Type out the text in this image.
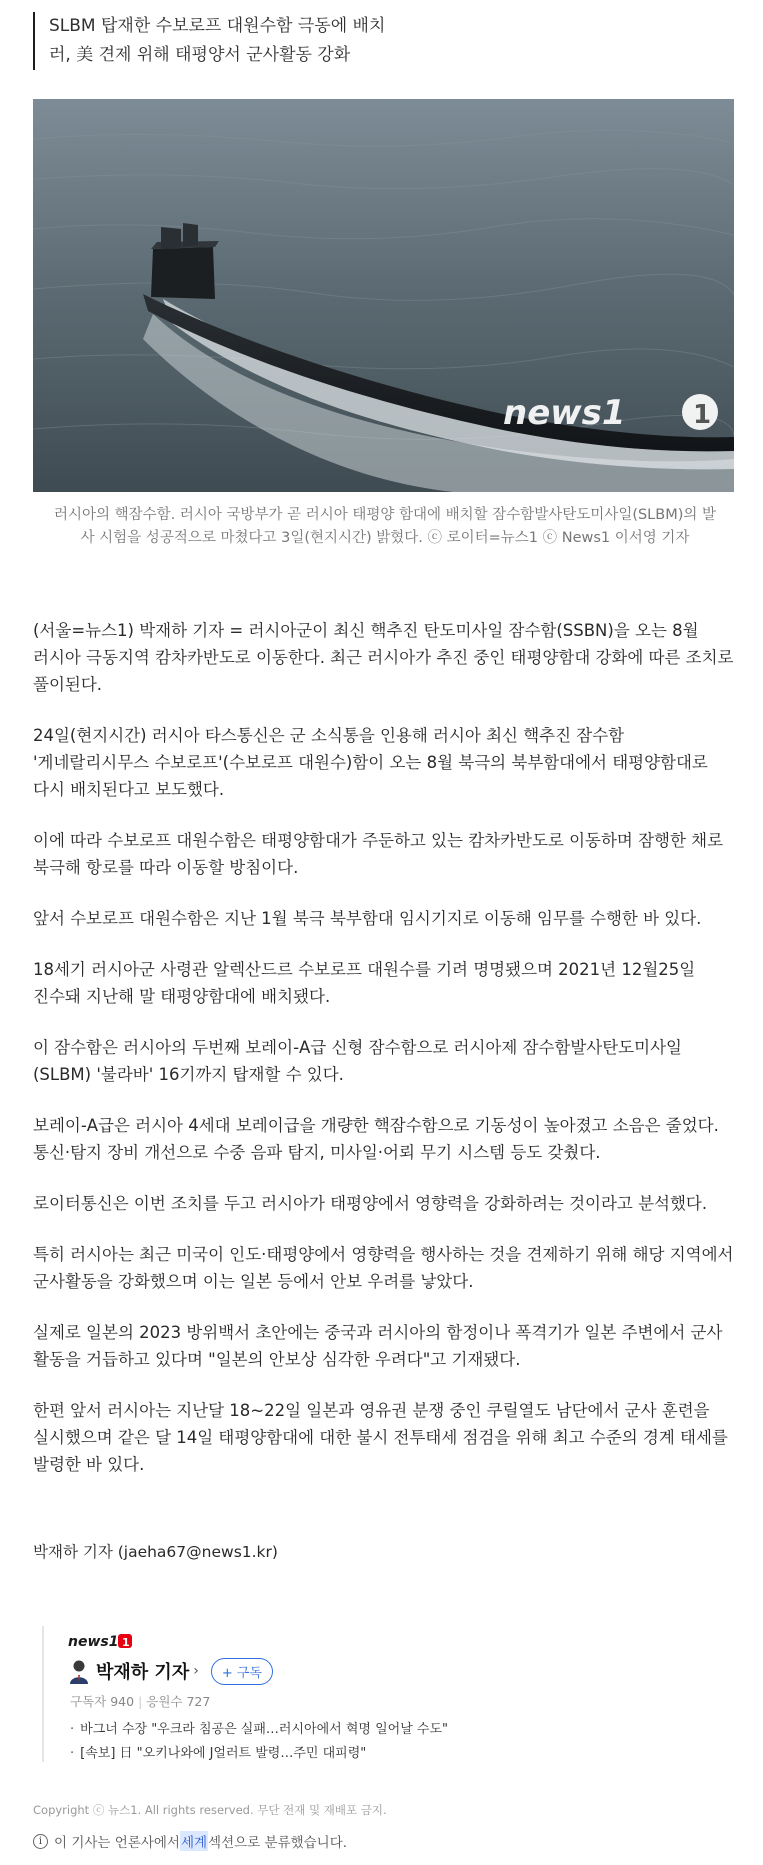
SLBM 탑재한 수보로프 대원수함 극동에 배치

러, 美 견제 위해 태평양서 군사활동 강화

news1	1
러시아의 핵잠수함. 러시아 국방부가 곧 러시아 태평양 함대에 배치할 잠수함발사탄도미사일(SLBM)의 발
사 시험을 성공적으로 마쳤다고 3일(현지시간) 밝혔다. ⓒ 로이터=뉴스1 ⓒ News1 이서영 기자

(서울=뉴스1) 박재하 기자 = 러시아군이 최신 핵추진 탄도미사일 잠수함(SSBN)을 오는 8월 러시아 극동지역 캄차카반도로 이동한다. 최근 러시아가 추진 중인 태평양함대 강화에 따른 조치로 풀이된다.

24일(현지시간) 러시아 타스통신은 군 소식통을 인용해 러시아 최신 핵추진 잠수함 '게네랄리시무스 수보로프'(수보로프 대원수)함이 오는 8월 북극의 북부함대에서 태평양함대로 다시 배치된다고 보도했다.

이에 따라 수보로프 대원수함은 태평양함대가 주둔하고 있는 캄차카반도로 이동하며 잠행한 채로 북극해 항로를 따라 이동할 방침이다.

앞서 수보로프 대원수함은 지난 1월 북극 북부함대 임시기지로 이동해 임무를 수행한 바 있다.

18세기 러시아군 사령관 알렉산드르 수보로프 대원수를 기려 명명됐으며 2021년 12월25일 진수돼 지난해 말 태평양함대에 배치됐다.

이 잠수함은 러시아의 두번째 보레이-A급 신형 잠수함으로 러시아제 잠수함발사탄도미사일(SLBM) '불라바' 16기까지 탑재할 수 있다.

보레이-A급은 러시아 4세대 보레이급을 개량한 핵잠수함으로 기동성이 높아졌고 소음은 줄었다. 통신·탐지 장비 개선으로 수중 음파 탐지, 미사일·어뢰 무기 시스템 등도 갖췄다.

로이터통신은 이번 조치를 두고 러시아가 태평양에서 영향력을 강화하려는 것이라고 분석했다.

특히 러시아는 최근 미국이 인도·태평양에서 영향력을 행사하는 것을 견제하기 위해 해당 지역에서 군사활동을 강화했으며 이는 일본 등에서 안보 우려를 낳았다.

실제로 일본의 2023 방위백서 초안에는 중국과 러시아의 함정이나 폭격기가 일본 주변에서 군사 활동을 거듭하고 있다며 "일본의 안보상 심각한 우려다"고 기재됐다.

한편 앞서 러시아는 지난달 18~22일 일본과 영유권 분쟁 중인 쿠릴열도 남단에서 군사 훈련을 실시했으며 같은 달 14일 태평양함대에 대한 불시 전투태세 점검을 위해 최고 수준의 경계 태세를 발령한 바 있다.

박재하 기자 (jaeha67@news1.kr)
news1 1
박재하 기자 ›	+ 구독
구독자 940 | 응원수 727
· 바그너 수장 "우크라 침공은 실패…러시아에서 혁명 일어날 수도"
· [속보] 日 "오키나와에 J얼러트 발령…주민 대피령"
Copyright ⓒ 뉴스1. All rights reserved. 무단 전재 및 재배포 금지.
i 이 기사는 언론사에서 세계 섹션으로 분류했습니다.
